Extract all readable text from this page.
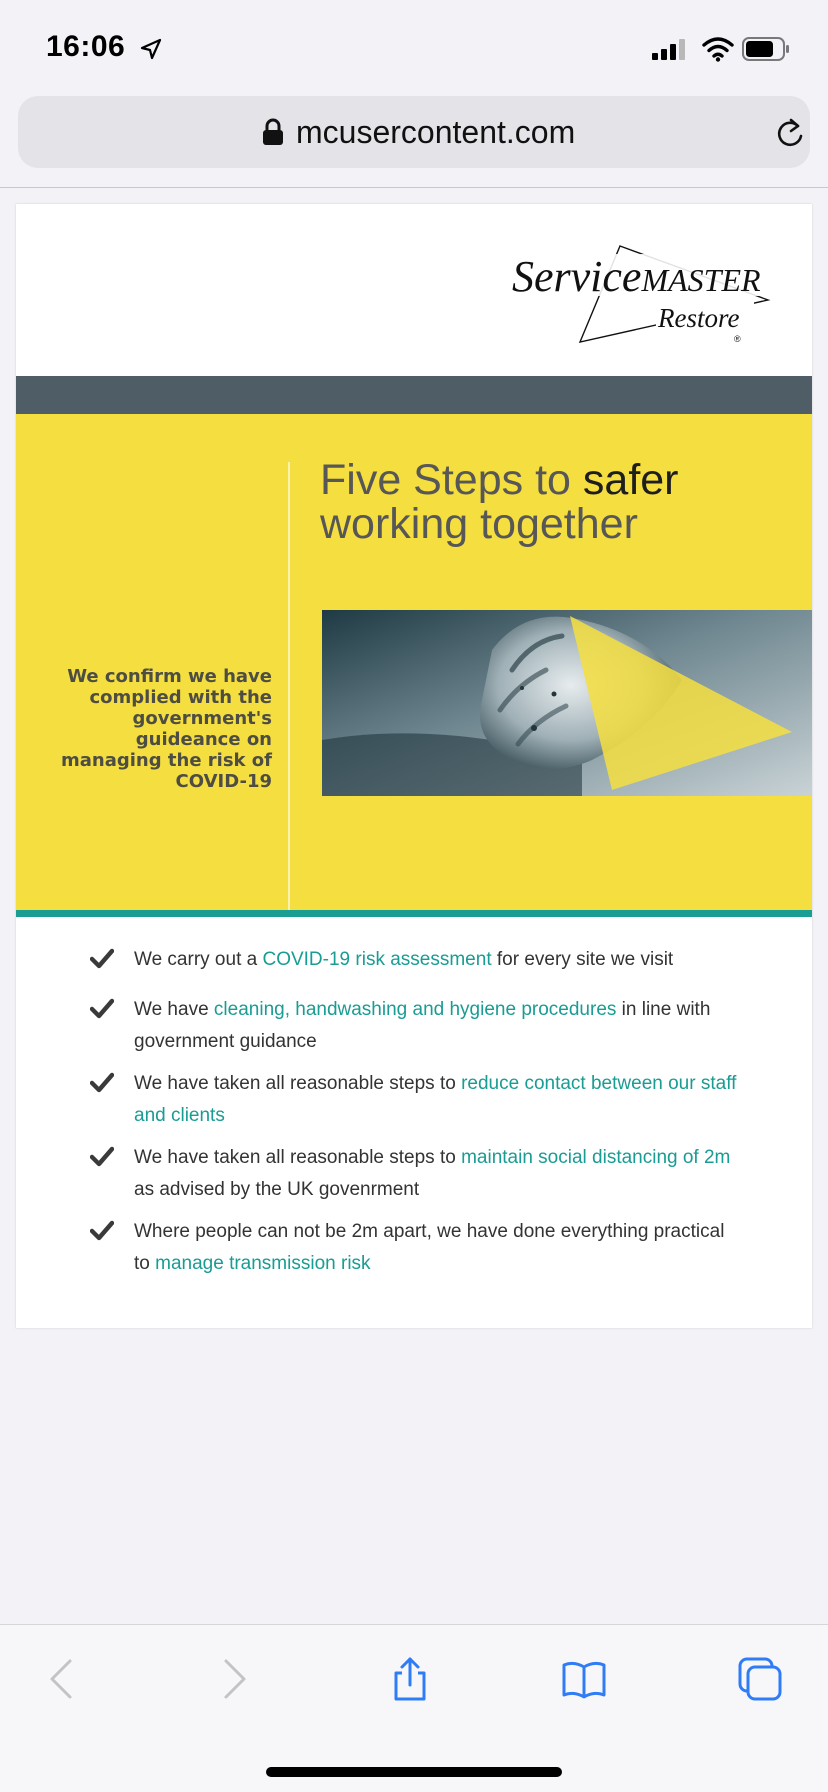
16:06
mcusercontent.com
ServiceMASTER
Restore
®
Five Steps to safer
working together
We confirm we have complied with the government's guideance on managing the risk of COVID-19
We carry out a COVID-19 risk assessment for every site we visit
We have cleaning, handwashing and hygiene procedures in line with government guidance
We have taken all reasonable steps to reduce contact between our staff and clients
We have taken all reasonable steps to maintain social distancing of 2m as advised by the UK govenrment
Where people can not be 2m apart, we have done everything practical to manage transmission risk
